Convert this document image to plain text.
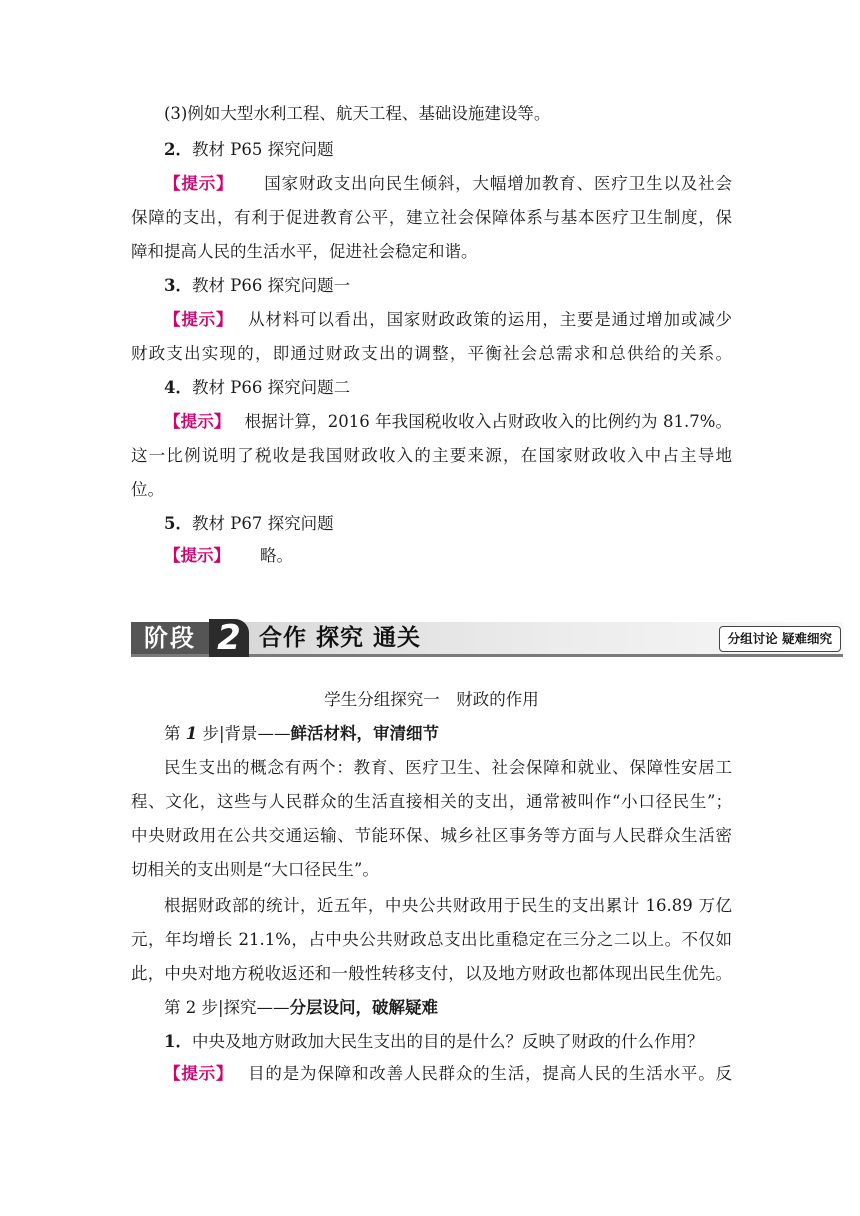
(3)例如大型水利工程、航天工程、基础设施建设等。
2．教材 P65 探究问题
【提示】 国家财政支出向民生倾斜，大幅增加教育、医疗卫生以及社会
保障的支出，有利于促进教育公平，建立社会保障体系与基本医疗卫生制度，保
障和提高人民的生活水平，促进社会稳定和谐。
3．教材 P66 探究问题一
【提示】 从材料可以看出，国家财政政策的运用，主要是通过增加或减少
财政支出实现的，即通过财政支出的调整，平衡社会总需求和总供给的关系。
4．教材 P66 探究问题二
【提示】 根据计算，2016 年我国税收收入占财政收入的比例约为 81.7%。
这一比例说明了税收是我国财政收入的主要来源，在国家财政收入中占主导地
位。
5．教材 P67 探究问题
【提示】 略。
阶段 2 合作 探究 通关	分组讨论 疑难细究
学生分组探究一　财政的作用
第 1 步|背景——鲜活材料，审清细节
民生支出的概念有两个：教育、医疗卫生、社会保障和就业、保障性安居工
程、文化，这些与人民群众的生活直接相关的支出，通常被叫作“小口径民生”；
中央财政用在公共交通运输、节能环保、城乡社区事务等方面与人民群众生活密
切相关的支出则是“大口径民生”。
根据财政部的统计，近五年，中央公共财政用于民生的支出累计 16.89 万亿
元，年均增长 21.1%，占中央公共财政总支出比重稳定在三分之二以上。不仅如
此，中央对地方税收返还和一般性转移支付，以及地方财政也都体现出民生优先。
第 2 步|探究——分层设问，破解疑难
1．中央及地方财政加大民生支出的目的是什么？反映了财政的什么作用？
【提示】 目的是为保障和改善人民群众的生活，提高人民的生活水平。反
